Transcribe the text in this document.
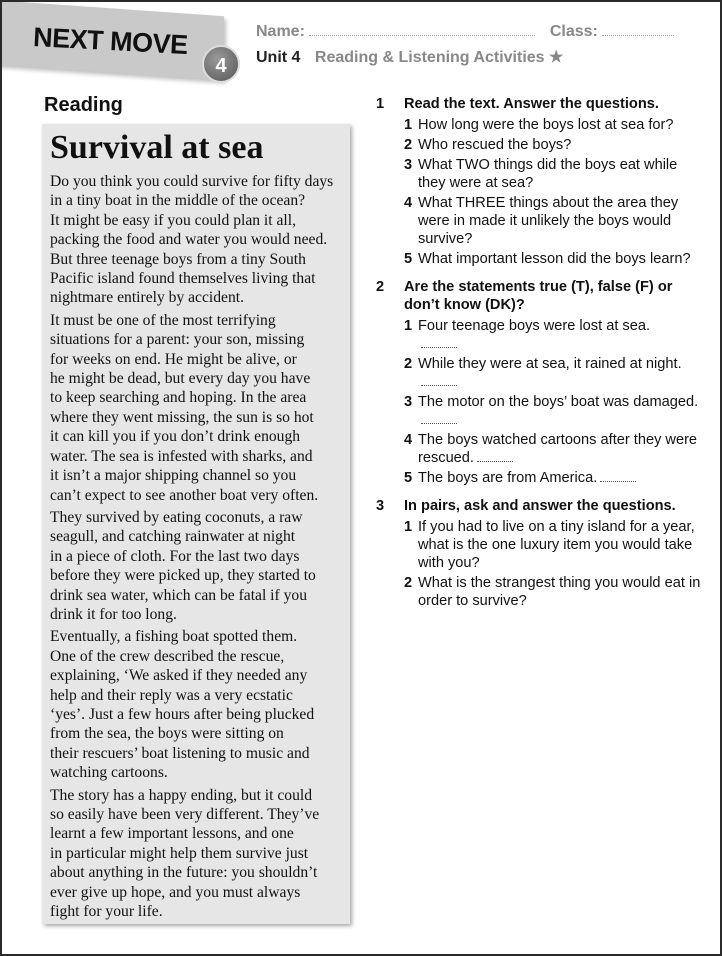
NEXT MOVE
4
Name:	Class:
Unit 4 Reading & Listening Activities ★
Reading
Survival at sea
Do you think you could survive for fifty days
in a tiny boat in the middle of the ocean?
It might be easy if you could plan it all,
packing the food and water you would need.
But three teenage boys from a tiny South
Pacific island found themselves living that
nightmare entirely by accident.
It must be one of the most terrifying
situations for a parent: your son, missing
for weeks on end. He might be alive, or
he might be dead, but every day you have
to keep searching and hoping. In the area
where they went missing, the sun is so hot
it can kill you if you don’t drink enough
water. The sea is infested with sharks, and
it isn’t a major shipping channel so you
can’t expect to see another boat very often.
They survived by eating coconuts, a raw
seagull, and catching rainwater at night
in a piece of cloth. For the last two days
before they were picked up, they started to
drink sea water, which can be fatal if you
drink it for too long.
Eventually, a fishing boat spotted them.
One of the crew described the rescue,
explaining, ‘We asked if they needed any
help and their reply was a very ecstatic
‘yes’. Just a few hours after being plucked
from the sea, the boys were sitting on
their rescuers’ boat listening to music and
watching cartoons.
The story has a happy ending, but it could
so easily have been very different. They’ve
learnt a few important lessons, and one
in particular might help them survive just
about anything in the future: you shouldn’t
ever give up hope, and you must always
fight for your life.
1	Read the text. Answer the questions.
1 How long were the boys lost at sea for?
2 Who rescued the boys?
3 What TWO things did the boys eat while they were at sea?
4 What THREE things about the area they were in made it unlikely the boys would survive?
5 What important lesson did the boys learn?
2	Are the statements true (T), false (F) or don’t know (DK)?
1 Four teenage boys were lost at sea.

2 While they were at sea, it rained at night.
3 The motor on the boys’ boat was damaged.
4 The boys watched cartoons after they were rescued.
5 The boys are from America.
3	In pairs, ask and answer the questions.
1 If you had to live on a tiny island for a year, what is the one luxury item you would take with you?
2 What is the strangest thing you would eat in order to survive?
